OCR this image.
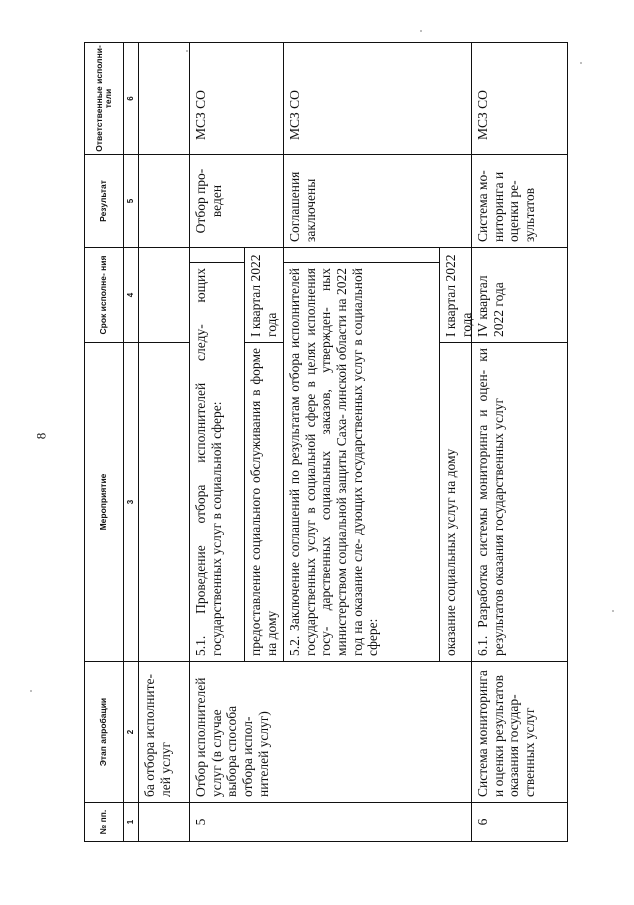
8
№ пп.
Этап апробации
Мероприятие
Срок исполне- ния
Результат
Ответственные исполни- тели
1
2
3
4
5
6
ба отбора исполните- лей услуг
5
Отбор исполнителей услуг (в случае выбора способа отбора испол- нителей услуг)
5.1. Проведение отбора исполнителей следу- ющих государственных услуг в социальной сфере:	предоставление социального обслуживания в форме на дому
I квартал 2022 года
Отбор про- веден
МСЗ СО
5.2. Заключение соглашений по результатам отбора исполнителей государственных услуг в социальной сфере в целях исполнения госу- дарственных социальных заказов, утвержден- ных министерством социальной защиты Саха- линской области на 2022 год на оказание сле- дующих государственных услуг в социальной сфере:	оказание социальных услуг на дому
I квартал 2022 года
Соглашения заключены
МСЗ СО
6
Система мониторинга и оценки результатов оказания государ- ственных услуг
6.1. Разработка системы мониторинга и оцен- ки результатов оказания государственных услуг
IV квартал 2022 года
Система мо- ниторинга и оценки ре- зультатов
МСЗ СО
